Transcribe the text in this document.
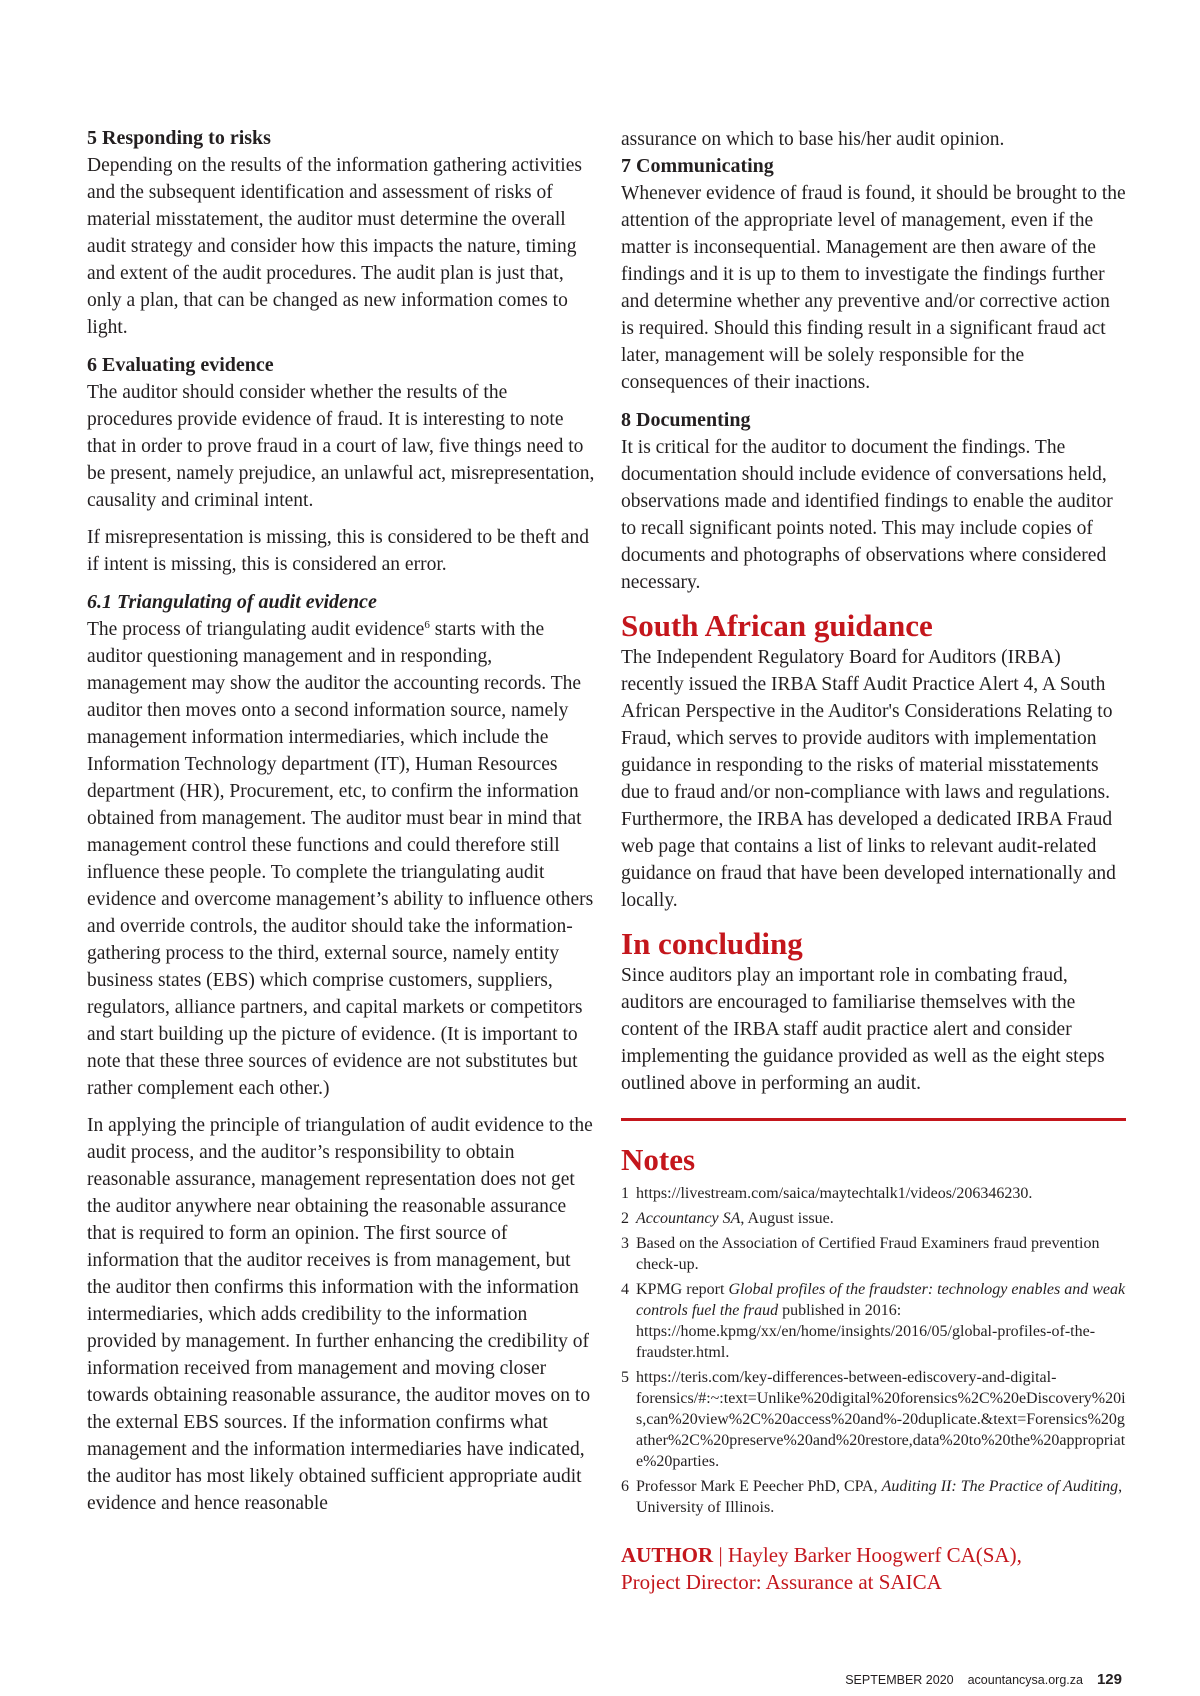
5 Responding to risks

Depending on the results of the information gathering activities and the subsequent identification and assessment of risks of material misstatement, the auditor must determine the overall audit strategy and consider how this impacts the nature, timing and extent of the audit procedures. The audit plan is just that, only a plan, that can be changed as new information comes to light.

6 Evaluating evidence

The auditor should consider whether the results of the procedures provide evidence of fraud. It is interesting to note that in order to prove fraud in a court of law, five things need to be present, namely prejudice, an unlawful act, misrepresentation, causality and criminal intent.

If misrepresentation is missing, this is considered to be theft and if intent is missing, this is considered an error.

6.1 Triangulating of audit evidence

The process of triangulating audit evidence$^6$ starts with the auditor questioning management and in responding, management may show the auditor the accounting records. The auditor then moves onto a second information source, namely management information intermediaries, which include the Information Technology department (IT), Human Resources department (HR), Procurement, etc, to confirm the information obtained from management. The auditor must bear in mind that management control these functions and could therefore still influence these people. To complete the triangulating audit evidence and overcome management’s ability to influence others and override controls, the auditor should take the information-gathering process to the third, external source, namely entity business states (EBS) which comprise customers, suppliers, regulators, alliance partners, and capital markets or competitors and start building up the picture of evidence. (It is important to note that these three sources of evidence are not substitutes but rather complement each other.)

In applying the principle of triangulation of audit evidence to the audit process, and the auditor’s responsibility to obtain reasonable assurance, management representation does not get the auditor anywhere near obtaining the reasonable assurance that is required to form an opinion. The first source of information that the auditor receives is from management, but the auditor then confirms this information with the information intermediaries, which adds credibility to the information provided by management. In further enhancing the credibility of information received from management and moving closer towards obtaining reasonable assurance, the auditor moves on to the external EBS sources. If the information confirms what management and the information intermediaries have indicated, the auditor has most likely obtained sufficient appropriate audit evidence and hence reasonable

assurance on which to base his/her audit opinion.

7 Communicating

Whenever evidence of fraud is found, it should be brought to the attention of the appropriate level of management, even if the matter is inconsequential. Management are then aware of the findings and it is up to them to investigate the findings further and determine whether any preventive and/or corrective action is required. Should this finding result in a significant fraud act later, management will be solely responsible for the consequences of their inactions.

8 Documenting

It is critical for the auditor to document the findings. The documentation should include evidence of conversations held, observations made and identified findings to enable the auditor to recall significant points noted. This may include copies of documents and photographs of observations where considered necessary.

South African guidance

The Independent Regulatory Board for Auditors (IRBA) recently issued the IRBA Staff Audit Practice Alert 4, A South African Perspective in the Auditor's Considerations Relating to Fraud, which serves to provide auditors with implementation guidance in responding to the risks of material misstatements due to fraud and/or non-compliance with laws and regulations. Furthermore, the IRBA has developed a dedicated IRBA Fraud web page that contains a list of links to relevant audit-related guidance on fraud that have been developed internationally and locally.

In concluding

Since auditors play an important role in combating fraud, auditors are encouraged to familiarise themselves with the content of the IRBA staff audit practice alert and consider implementing the guidance provided as well as the eight steps outlined above in performing an audit.

Notes
1 https://livestream.com/saica/maytechtalk1/videos/206346230.
2 Accountancy SA, August issue.
3 Based on the Association of Certified Fraud Examiners fraud prevention check-up.
4 KPMG report Global profiles of the fraudster: technology enables and weak controls fuel the fraud published in 2016: https://home.kpmg/xx/en/home/insights/2016/05/global-profiles-of-the-fraudster.html.
5 https://teris.com/key-differences-between-ediscovery-and-digital-forensics/#:~:text=Unlike%20digital%20forensics%2C%20eDiscovery%20is,can%20view%2C%20access%20and%-20duplicate.&text=Forensics%20gather%2C%20preserve%20and%20restore,data%20to%20the%20appropriate%20parties.
6 Professor Mark E Peecher PhD, CPA, Auditing II: The Practice of Auditing, University of Illinois.
AUTHOR | Hayley Barker Hoogwerf CA(SA),
Project Director: Assurance at SAICA
SEPTEMBER 2020 acountancysa.org.za 129
